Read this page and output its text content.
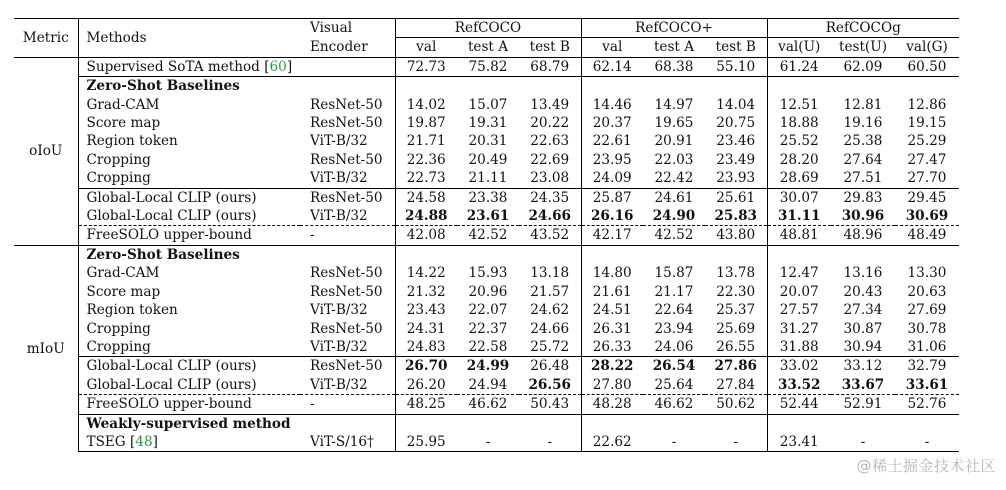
Metric	Methods	Visual	RefCOCO			RefCOCO+			RefCOCOg		
		Encoder	val	test A	test B	val	test A	test B	val(U)	test(U)	val(G)
oIoU	Supervised SoTA method [60]		72.73	75.82	68.79	62.14	68.38	55.10	61.24	62.09	60.50
	Zero-Shot Baselines										
	Grad-CAM	ResNet-50	14.02	15.07	13.49	14.46	14.97	14.04	12.51	12.81	12.86
	Score map	ResNet-50	19.87	19.31	20.22	20.37	19.65	20.75	18.88	19.16	19.15
	Region token	ViT-B/32	21.71	20.31	22.63	22.61	20.91	23.46	25.52	25.38	25.29
	Cropping	ResNet-50	22.36	20.49	22.69	23.95	22.03	23.49	28.20	27.64	27.47
	Cropping	ViT-B/32	22.73	21.11	23.08	24.09	22.42	23.93	28.69	27.51	27.70
	Global-Local CLIP (ours)	ResNet-50	24.58	23.38	24.35	25.87	24.61	25.61	30.07	29.83	29.45
	Global-Local CLIP (ours)	ViT-B/32	24.88	23.61	24.66	26.16	24.90	25.83	31.11	30.96	30.69
	FreeSOLO upper-bound	-	42.08	42.52	43.52	42.17	42.52	43.80	48.81	48.96	48.49
mIoU	Zero-Shot Baselines										
	Grad-CAM	ResNet-50	14.22	15.93	13.18	14.80	15.87	13.78	12.47	13.16	13.30
	Score map	ResNet-50	21.32	20.96	21.57	21.61	21.17	22.30	20.07	20.43	20.63
	Region token	ViT-B/32	23.43	22.07	24.62	24.51	22.64	25.37	27.57	27.34	27.69
	Cropping	ResNet-50	24.31	22.37	24.66	26.31	23.94	25.69	31.27	30.87	30.78
	Cropping	ViT-B/32	24.83	22.58	25.72	26.33	24.06	26.55	31.88	30.94	31.06
	Global-Local CLIP (ours)	ResNet-50	26.70	24.99	26.48	28.22	26.54	27.86	33.02	33.12	32.79
	Global-Local CLIP (ours)	ViT-B/32	26.20	24.94	26.56	27.80	25.64	27.84	33.52	33.67	33.61
	FreeSOLO upper-bound	-	48.25	46.62	50.43	48.28	46.62	50.62	52.44	52.91	52.76
	Weakly-supervised method										
	TSEG [48]	ViT-S/16†	25.95	-	-	22.62	-	-	23.41	-	-
@稀土掘金技术社区
